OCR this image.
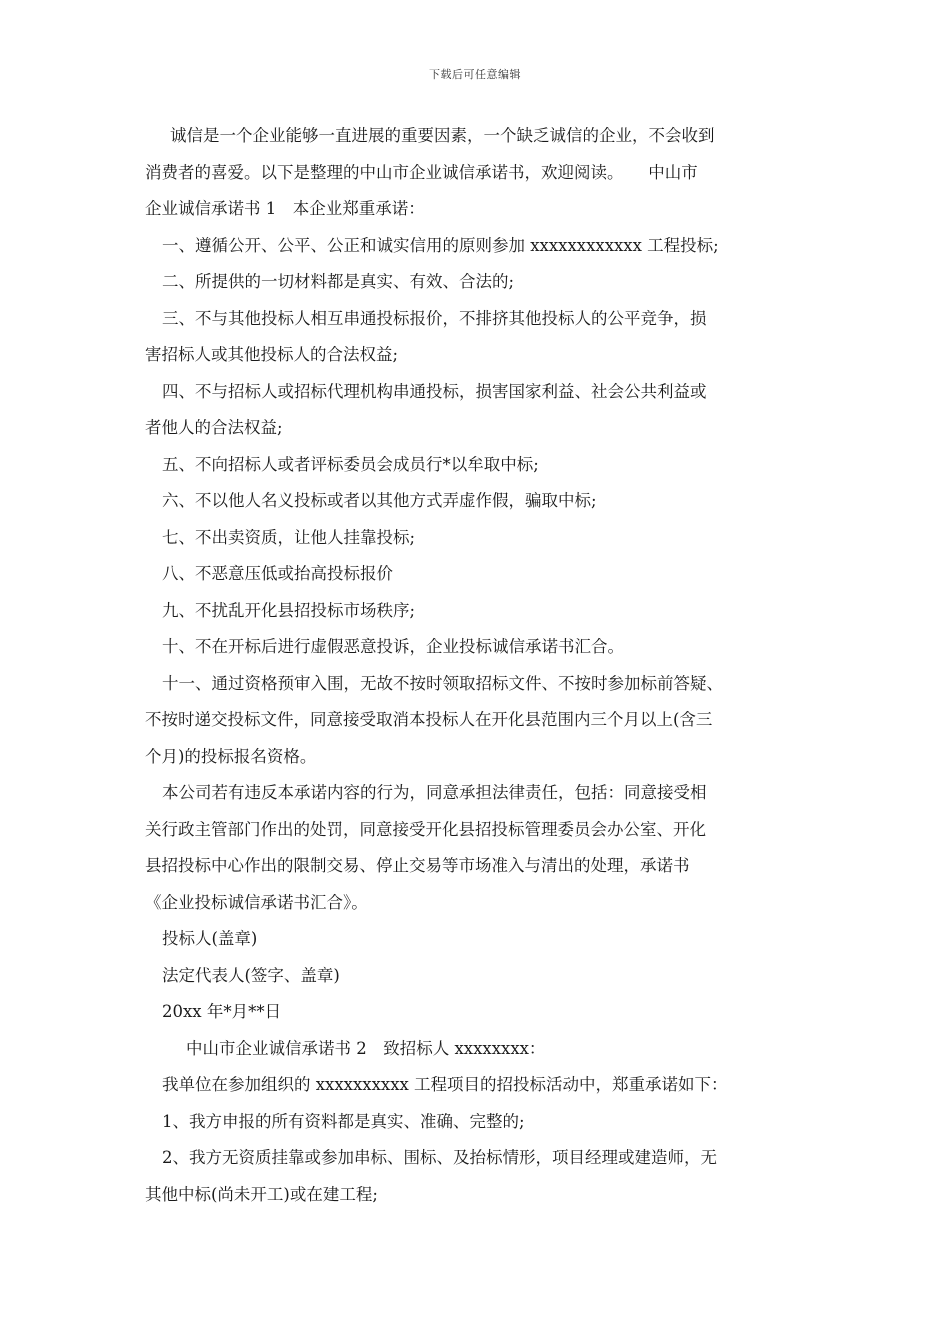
下载后可任意编辑
诚信是一个企业能够一直进展的重要因素，一个缺乏诚信的企业，不会收到
消费者的喜爱。以下是整理的中山市企业诚信承诺书，欢迎阅读。　　中山市
企业诚信承诺书 1　本企业郑重承诺：
一、遵循公开、公平、公正和诚实信用的原则参加 xxxxxxxxxxxx 工程投标;
二、所提供的一切材料都是真实、有效、合法的;
三、不与其他投标人相互串通投标报价，不排挤其他投标人的公平竞争，损
害招标人或其他投标人的合法权益;
四、不与招标人或招标代理机构串通投标，损害国家利益、社会公共利益或
者他人的合法权益;
五、不向招标人或者评标委员会成员行*以牟取中标;
六、不以他人名义投标或者以其他方式弄虚作假，骗取中标;
七、不出卖资质，让他人挂靠投标;
八、不恶意压低或抬高投标报价
九、不扰乱开化县招投标市场秩序;
十、不在开标后进行虚假恶意投诉，企业投标诚信承诺书汇合。
十一、通过资格预审入围，无故不按时领取招标文件、不按时参加标前答疑、
不按时递交投标文件，同意接受取消本投标人在开化县范围内三个月以上(含三
个月)的投标报名资格。
本公司若有违反本承诺内容的行为，同意承担法律责任，包括：同意接受相
关行政主管部门作出的处罚，同意接受开化县招投标管理委员会办公室、开化
县招投标中心作出的限制交易、停止交易等市场准入与清出的处理，承诺书
《企业投标诚信承诺书汇合》。
投标人(盖章)
法定代表人(签字、盖章)
20xx 年*月**日
中山市企业诚信承诺书 2　致招标人 xxxxxxxx：
我单位在参加组织的 xxxxxxxxxx 工程项目的招投标活动中，郑重承诺如下：
1、我方申报的所有资料都是真实、准确、完整的;
2、我方无资质挂靠或参加串标、围标、及抬标情形，项目经理或建造师，无
其他中标(尚未开工)或在建工程;
